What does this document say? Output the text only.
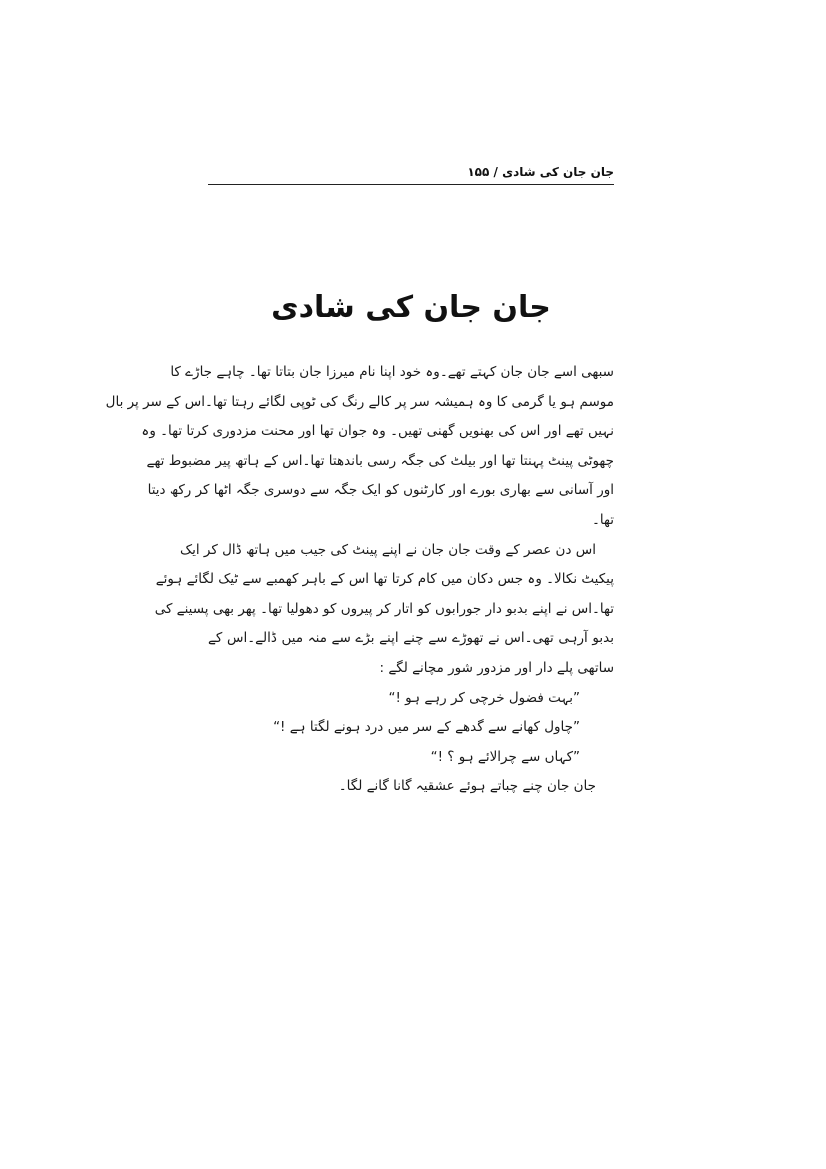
جان جان کی شادی / ۱۵۵
جان جان کی شادی
سبھی اسے جان جان کہتے تھے۔وہ خود اپنا نام میرزا جان بتاتا تھا۔ چاہے جاڑے کا
موسم ہو یا گرمی کا وہ ہمیشہ سر پر کالے رنگ کی ٹوپی لگائے رہتا تھا۔اس کے سر پر بال
نہیں تھے اور اس کی بھنویں گھنی تھیں۔ وہ جوان تھا اور محنت مزدوری کرتا تھا۔ وہ
چھوٹی پینٹ پہنتا تھا اور بیلٹ کی جگہ رسی باندھتا تھا۔اس کے ہاتھ پیر مضبوط تھے
اور آسانی سے بھاری بورے اور کارٹنوں کو ایک جگہ سے دوسری جگہ اٹھا کر رکھ دیتا
تھا۔
اس دن عصر کے وقت جان جان نے اپنے پینٹ کی جیب میں ہاتھ ڈال کر ایک
پیکیٹ نکالا۔ وہ جس دکان میں کام کرتا تھا اس کے باہر کھمبے سے ٹیک لگائے ہوئے
تھا۔اس نے اپنے بدبو دار جورابوں کو اتار کر پیروں کو دھولیا تھا۔ پھر بھی پسینے کی
بدبو آرہی تھی۔اس نے تھوڑے سے چنے اپنے بڑے سے منہ میں ڈالے۔اس کے
ساتھی پلے دار اور مزدور شور مچانے لگے :
”بہت فضول خرچی کر رہے ہو !“
”چاول کھانے سے گدھے کے سر میں درد ہونے لگتا ہے !“
”کہاں سے چرالائے ہو ؟ !“
جان جان چنے چباتے ہوئے عشقیہ گانا گانے لگا۔
